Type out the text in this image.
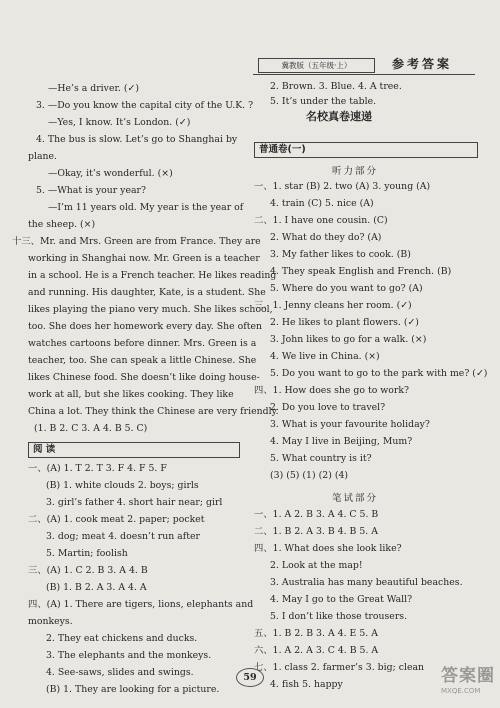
冀教版（五年级·上）	参考答案
—He’s a driver. (✓)
3. —Do you know the capital city of the U.K. ?
—Yes, I know. It’s London. (✓)
4. The bus is slow. Let’s go to Shanghai by
plane.
—Okay, it’s wonderful. (×)
5. —What is your year?
—I’m 11 years old. My year is the year of
the sheep. (×)
十三、Mr. and Mrs. Green are from France. They are
working in Shanghai now. Mr. Green is a teacher
in a school. He is a French teacher. He likes reading
and running. His daughter, Kate, is a student. She
likes playing the piano very much. She likes school,
too. She does her homework every day. She often
watches cartoons before dinner. Mrs. Green is a
teacher, too. She can speak a little Chinese. She
likes Chinese food. She doesn’t like doing house-
work at all, but she likes cooking. They like
China a lot. They think the Chinese are very friendly.
(1. B 2. C 3. A 4. B 5. C)
阅 读
一、(A) 1. T 2. T 3. F 4. F 5. F
(B) 1. white clouds 2. boys; girls
3. girl’s father 4. short hair near; girl
二、(A) 1. cook meat 2. paper; pocket
3. dog; meat 4. doesn’t run after
5. Martin; foolish
三、(A) 1. C 2. B 3. A 4. B
(B) 1. B 2. A 3. A 4. A
四、(A) 1. There are tigers, lions, elephants and
monkeys.
2. They eat chickens and ducks.
3. The elephants and the monkeys.
4. See-saws, slides and swings.
(B) 1. They are looking for a picture.
2. Brown. 3. Blue. 4. A tree.
5. It’s under the table.
名校真卷速递
普通卷(一)
听力部分
一、1. star (B) 2. two (A) 3. young (A)
4. train (C) 5. nice (A)
二、1. I have one cousin. (C)
2. What do they do? (A)
3. My father likes to cook. (B)
4. They speak English and French. (B)
5. Where do you want to go? (A)
三、1. Jenny cleans her room. (✓)
2. He likes to plant flowers. (✓)
3. John likes to go for a walk. (×)
4. We live in China. (×)
5. Do you want to go to the park with me? (✓)
四、1. How does she go to work?
2. Do you love to travel?
3. What is your favourite holiday?
4. May I live in Beijing, Mum?
5. What country is it?
(3) (5) (1) (2) (4)
笔试部分
一、1. A 2. B 3. A 4. C 5. B
二、1. B 2. A 3. B 4. B 5. A
四、1. What does she look like?
2. Look at the map!
3. Australia has many beautiful beaches.
4. May I go to the Great Wall?
5. I don’t like those trousers.
五、1. B 2. B 3. A 4. E 5. A
六、1. A 2. A 3. C 4. B 5. A
七、1. class 2. farmer’s 3. big; clean
4. fish 5. happy
59	答案圈
MXQE.COM
